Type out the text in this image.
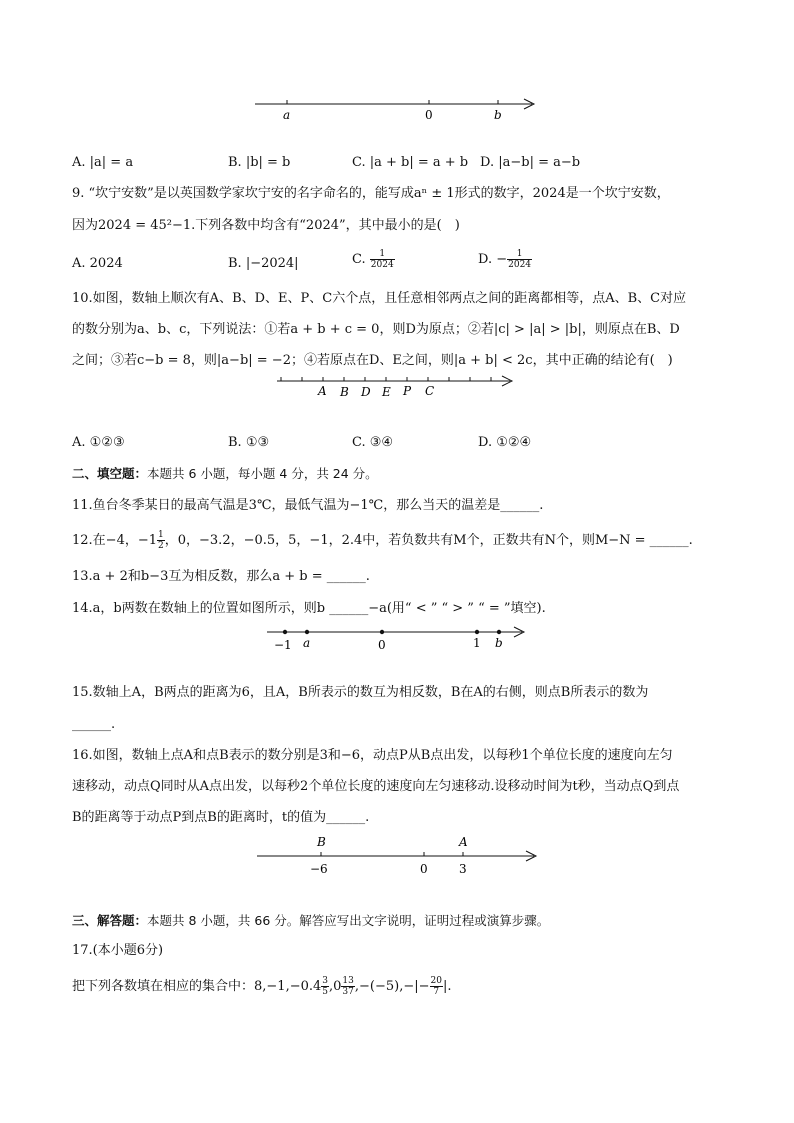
a	0	b
A. |a| = a	B. |b| = b	C. |a + b| = a + b D. |a−b| = a−b
9. “坎宁安数”是以英国数学家坎宁安的名字命名的，能写成aⁿ ± 1形式的数字，2024是一个坎宁安数，
因为2024 = 45²−1.下列各数中均含有“2024”，其中最小的是(　)
A. 2024	B. |−2024|	C. $\frac{1}{2024}$	D. − $\frac{1}{2024}$
10.如图，数轴上顺次有A、B、D、E、P、C六个点，且任意相邻两点之间的距离都相等，点A、B、C对应
的数分别为a、b、c，下列说法：①若a + b + c = 0，则D为原点；②若|c| > |a| > |b|，则原点在B、D
之间；③若c−b = 8，则|a−b| = −2；④若原点在D、E之间，则|a + b| < 2c，其中正确的结论有(　)
A B D E P C
A. ①②③	B. ①③	C. ③④	D. ①②④
二、填空题：本题共 6 小题，每小题 4 分，共 24 分。
11.鱼台冬季某日的最高气温是3℃，最低气温为−1℃，那么当天的温差是______.
12.在−4，$-1 \frac{1}{2}$ ，0，−3.2，−0.5，5，−1，2.4中，若负数共有M个，正数共有N个，则M−N = ______.
13.a + 2和b−3互为相反数，那么a + b = ______.
14.a，b两数在数轴上的位置如图所示，则b ______−a(用“ < ” “ > ” “ = ”填空).
−1 a	0	1 b
15.数轴上A，B两点的距离为6，且A，B所表示的数互为相反数，B在A的右侧，则点B所表示的数为
______.
16.如图，数轴上点A和点B表示的数分别是3和−6，动点P从B点出发，以每秒1个单位长度的速度向左匀
速移动，动点Q同时从A点出发，以每秒2个单位长度的速度向左匀速移动.设移动时间为t秒，当动点Q到点
B的距离等于动点P到点B的距离时，t的值为______.
B	A
−6	0	3
三、解答题：本题共 8 小题，共 66 分。解答应写出文字说明，证明过程或演算步骤。
17.(本小题6分)
把下列各数填在相应的集合中：$8,-1,-0.4 \frac{3}{5} ,0 \frac{13}{37} ,-(-5),-|- \frac{20}{7}$ |.
